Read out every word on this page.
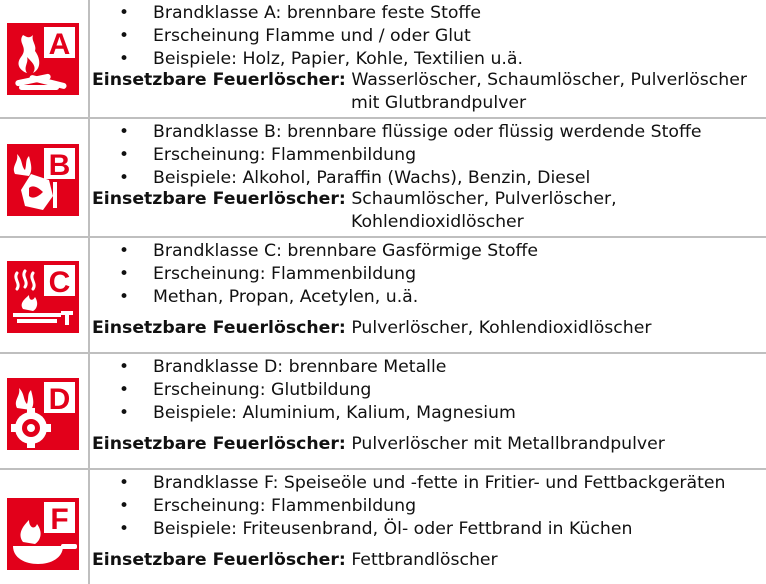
A
• Brandklasse A: brennbare feste Stoffe
• Erscheinung Flamme und / oder Glut
• Beispiele: Holz, Papier, Kohle, Textilien u.ä.
Einsetzbare Feuerlöscher: Wasserlöscher, Schaumlöscher, Pulverlöscher
mit Glutbrandpulver
B
• Brandklasse B: brennbare flüssige oder flüssig werdende Stoffe
• Erscheinung: Flammenbildung
• Beispiele: Alkohol, Paraffin (Wachs), Benzin, Diesel
Einsetzbare Feuerlöscher: Schaumlöscher, Pulverlöscher,
Kohlendioxidlöscher
C
• Brandklasse C: brennbare Gasförmige Stoffe
• Erscheinung: Flammenbildung
• Methan, Propan, Acetylen, u.ä.
Einsetzbare Feuerlöscher: Pulverlöscher, Kohlendioxidlöscher
D
• Brandklasse D: brennbare Metalle
• Erscheinung: Glutbildung
• Beispiele: Aluminium, Kalium, Magnesium
Einsetzbare Feuerlöscher: Pulverlöscher mit Metallbrandpulver
F
• Brandklasse F: Speiseöle und -fette in Fritier- und Fettbackgeräten
• Erscheinung: Flammenbildung
• Beispiele: Friteusenbrand, Öl- oder Fettbrand in Küchen
Einsetzbare Feuerlöscher: Fettbrandlöscher
